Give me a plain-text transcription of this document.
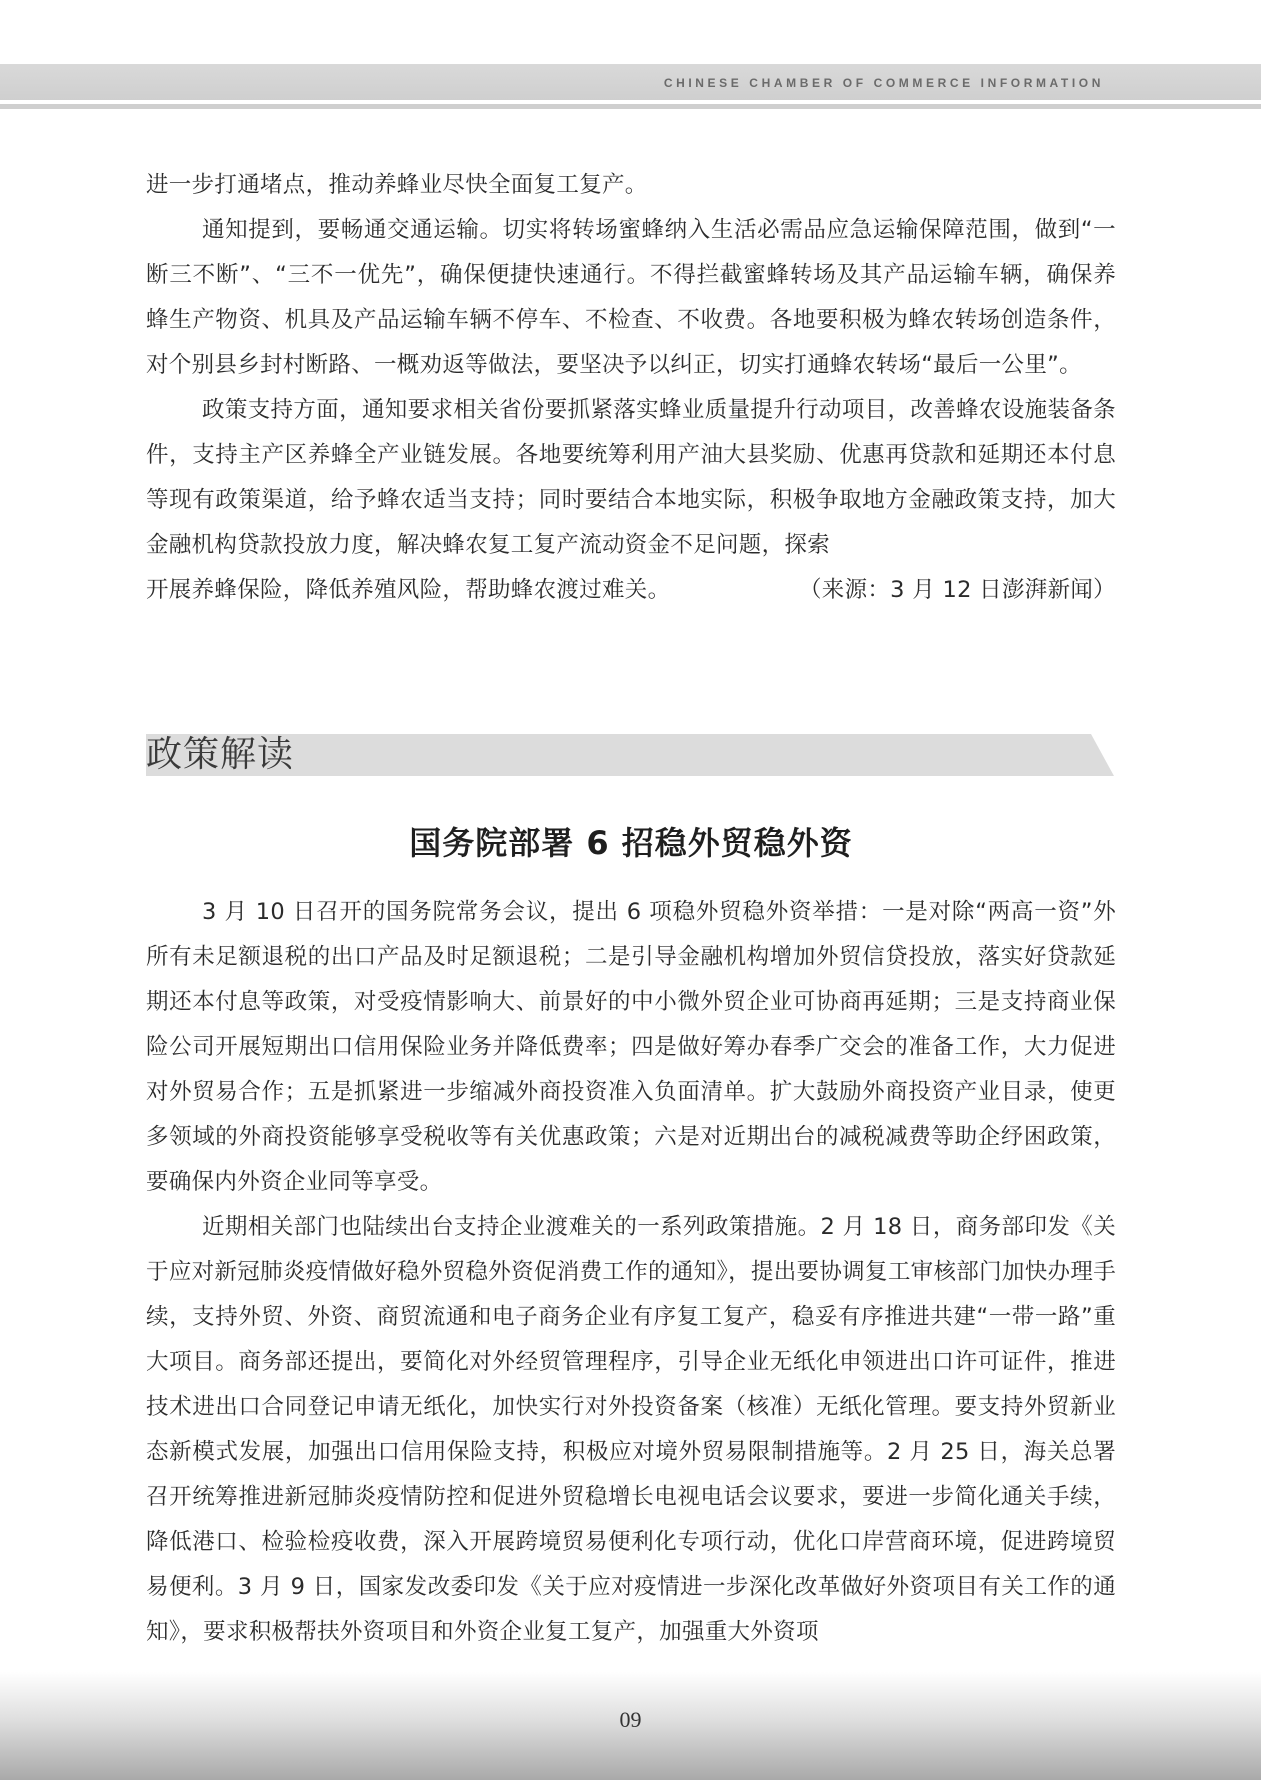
CHINESE CHAMBER OF COMMERCE INFORMATION

进一步打通堵点，推动养蜂业尽快全面复工复产。

通知提到，要畅通交通运输。切实将转场蜜蜂纳入生活必需品应急运输保障范围，做到“一断三不断”、“三不一优先”，确保便捷快速通行。不得拦截蜜蜂转场及其产品运输车辆，确保养蜂生产物资、机具及产品运输车辆不停车、不检查、不收费。各地要积极为蜂农转场创造条件，对个别县乡封村断路、一概劝返等做法，要坚决予以纠正，切实打通蜂农转场“最后一公里”。

政策支持方面，通知要求相关省份要抓紧落实蜂业质量提升行动项目，改善蜂农设施装备条件，支持主产区养蜂全产业链发展。各地要统筹利用产油大县奖励、优惠再贷款和延期还本付息等现有政策渠道，给予蜂农适当支持；同时要结合本地实际，积极争取地方金融政策支持，加大金融机构贷款投放力度，解决蜂农复工复产流动资金不足问题，探索

开展养蜂保险，降低养殖风险，帮助蜂农渡过难关。	（来源：3 月 12 日澎湃新闻）

政策解读
国务院部署 6 招稳外贸稳外资

3 月 10 日召开的国务院常务会议，提出 6 项稳外贸稳外资举措：一是对除“两高一资”外所有未足额退税的出口产品及时足额退税；二是引导金融机构增加外贸信贷投放，落实好贷款延期还本付息等政策，对受疫情影响大、前景好的中小微外贸企业可协商再延期；三是支持商业保险公司开展短期出口信用保险业务并降低费率；四是做好筹办春季广交会的准备工作，大力促进对外贸易合作；五是抓紧进一步缩减外商投资准入负面清单。扩大鼓励外商投资产业目录，使更多领域的外商投资能够享受税收等有关优惠政策；六是对近期出台的减税减费等助企纾困政策，要确保内外资企业同等享受。

近期相关部门也陆续出台支持企业渡难关的一系列政策措施。2 月 18 日，商务部印发《关于应对新冠肺炎疫情做好稳外贸稳外资促消费工作的通知》，提出要协调复工审核部门加快办理手续，支持外贸、外资、商贸流通和电子商务企业有序复工复产，稳妥有序推进共建“一带一路”重大项目。商务部还提出，要简化对外经贸管理程序，引导企业无纸化申领进出口许可证件，推进技术进出口合同登记申请无纸化，加快实行对外投资备案（核准）无纸化管理。要支持外贸新业态新模式发展，加强出口信用保险支持，积极应对境外贸易限制措施等。2 月 25 日，海关总署召开统筹推进新冠肺炎疫情防控和促进外贸稳增长电视电话会议要求，要进一步简化通关手续，降低港口、检验检疫收费，深入开展跨境贸易便利化专项行动，优化口岸营商环境，促进跨境贸易便利。3 月 9 日，国家发改委印发《关于应对疫情进一步深化改革做好外资项目有关工作的通知》，要求积极帮扶外资项目和外资企业复工复产，加强重大外资项

09
